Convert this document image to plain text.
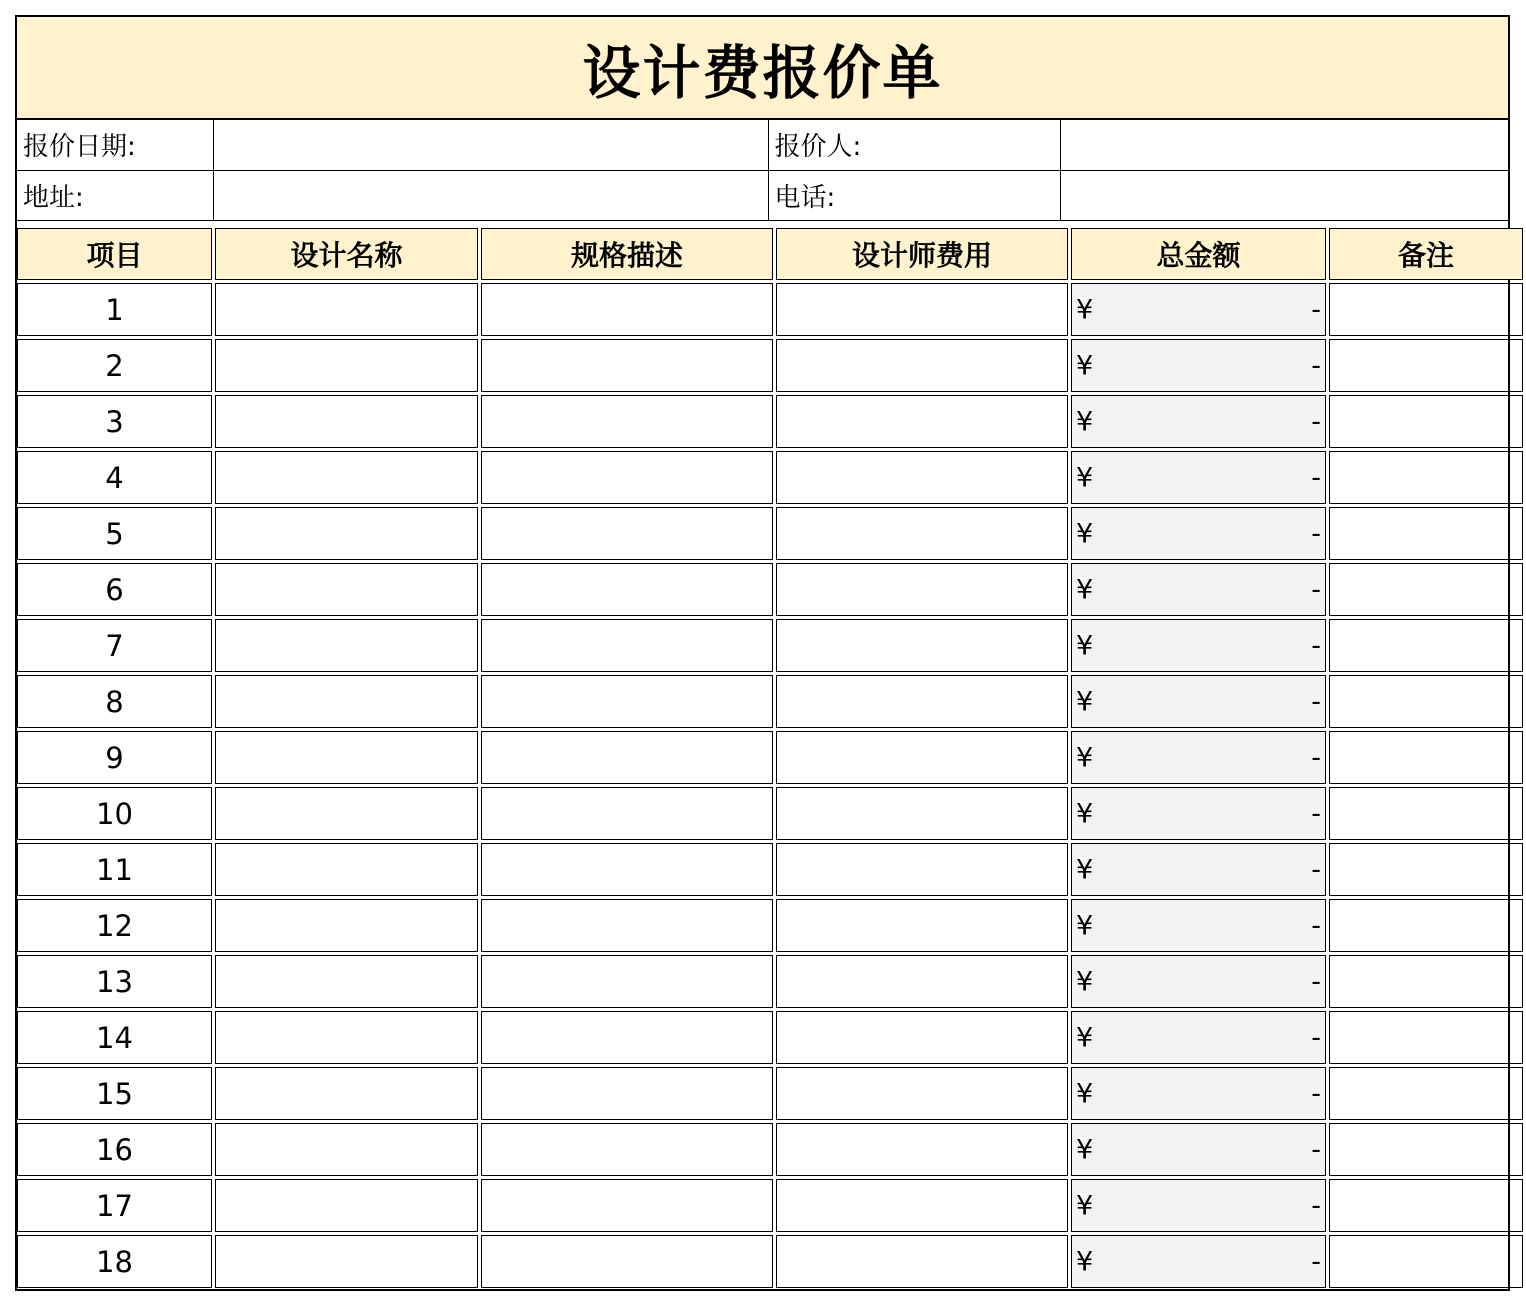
设计费报价单
报价日期:		报价人:	
地址:		电话:	
项目	设计名称	规格描述	设计师费用	总金额	备注
1				¥ -	

2				¥ -	

3				¥ -	

4				¥ -	

5				¥ -	

6				¥ -	

7				¥ -	

8				¥ -	

9				¥ -	

10				¥ -	

11				¥ -	

12				¥ -	

13				¥ -	

14				¥ -	

15				¥ -	

16				¥ -	

17				¥ -	

18				¥ -	
